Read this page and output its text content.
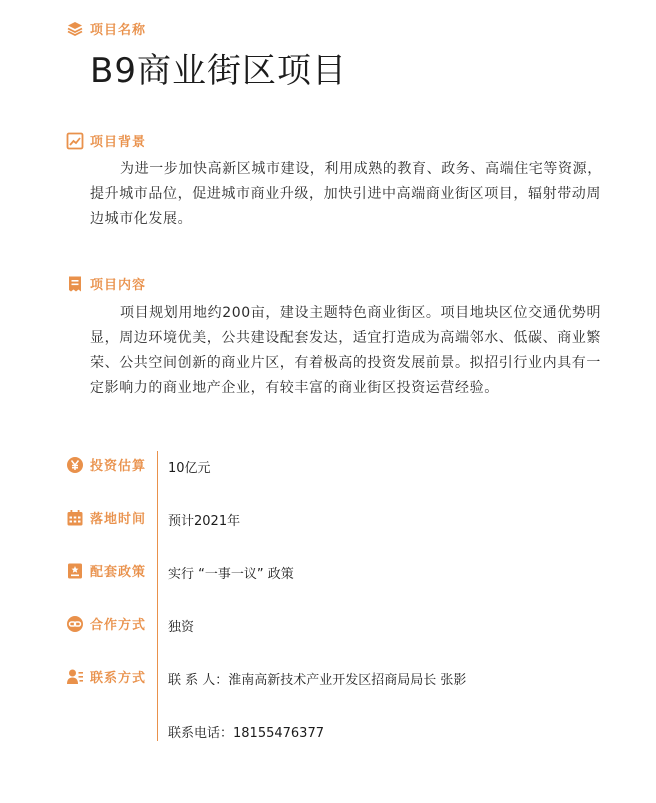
项目名称
B9商业街区项目
项目背景
为进一步加快高新区城市建设，利用成熟的教育、政务、高端住宅等资源，提升城市品位，促进城市商业升级，加快引进中高端商业街区项目，辐射带动周边城市化发展。
项目内容
项目规划用地约200亩，建设主题特色商业街区。项目地块区位交通优势明显，周边环境优美，公共建设配套发达，适宜打造成为高端邻水、低碳、商业繁荣、公共空间创新的商业片区，有着极高的投资发展前景。拟招引行业内具有一定影响力的商业地产企业，有较丰富的商业街区投资运营经验。
投资估算	10亿元
落地时间	预计2021年
配套政策	实行 “一事一议” 政策
合作方式	独资
联系方式	联 系 人：淮南高新技术产业开发区招商局局长 张影
联系电话：18155476377
